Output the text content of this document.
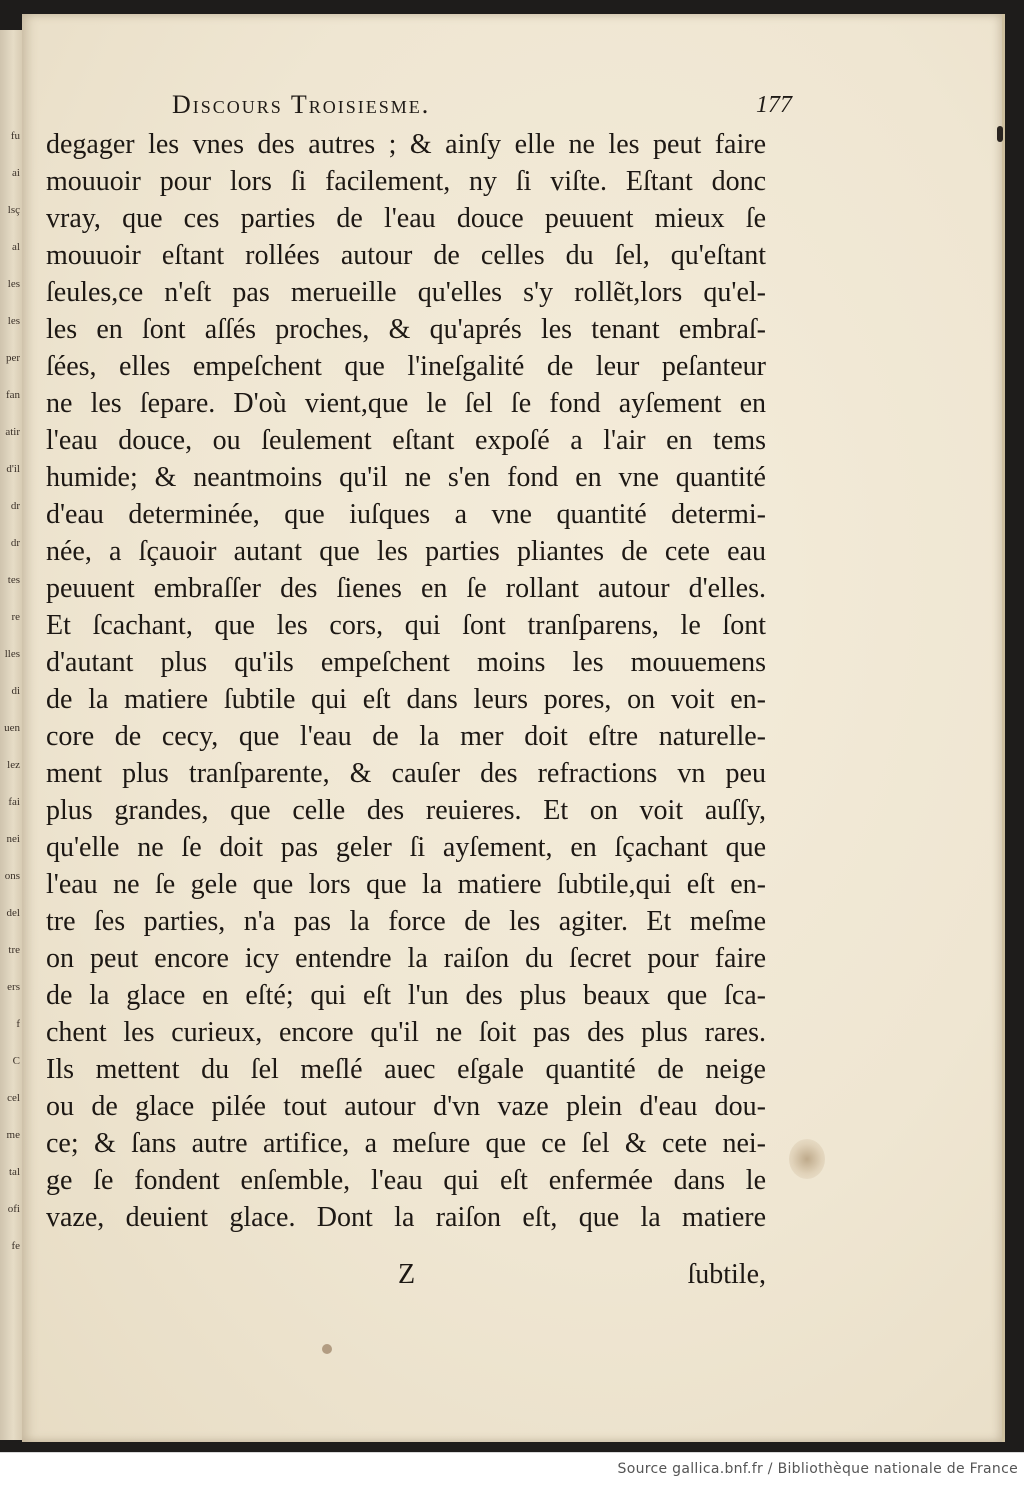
fu
ai
lsç
al
les
les
per
fan
atir
d'il
dr
dr
tes
re
lles
di
uen
lez
fai
nei
ons
del
tre
ers
f
C
cel
me
tal
ofi
fe
Discours Troisiesme.	177
degager les vnes des autres ; & ainſy elle ne les peut faire
mouuoir pour lors ſi facilement, ny ſi viſte. Eſtant donc
vray, que ces parties de l'eau douce peuuent mieux ſe
mouuoir eſtant rollées autour de celles du ſel, qu'eſtant
ſeules,ce n'eſt pas merueille qu'elles s'y rollẽt,lors qu'el-
les en ſont aſſés proches, & qu'aprés les tenant embraſ-
ſées, elles empeſchent que l'ineſgalité de leur peſanteur
ne les ſepare. D'où vient,que le ſel ſe fond ayſement en
l'eau douce, ou ſeulement eſtant expoſé a l'air en tems
humide; & neantmoins qu'il ne s'en fond en vne quantité
d'eau determinée, que iuſques a vne quantité determi-
née, a ſçauoir autant que les parties pliantes de cete eau
peuuent embraſſer des ſienes en ſe rollant autour d'elles.
Et ſcachant, que les cors, qui ſont tranſparens, le ſont
d'autant plus qu'ils empeſchent moins les mouuemens
de la matiere ſubtile qui eſt dans leurs pores, on voit en-
core de cecy, que l'eau de la mer doit eſtre naturelle-
ment plus tranſparente, & cauſer des refractions vn peu
plus grandes, que celle des reuieres. Et on voit auſſy,
qu'elle ne ſe doit pas geler ſi ayſement, en ſçachant que
l'eau ne ſe gele que lors que la matiere ſubtile,qui eſt en-
tre ſes parties, n'a pas la force de les agiter. Et meſme
on peut encore icy entendre la raiſon du ſecret pour faire
de la glace en eſté; qui eſt l'un des plus beaux que ſca-
chent les curieux, encore qu'il ne ſoit pas des plus rares.
Ils mettent du ſel meſlé auec eſgale quantité de neige
ou de glace pilée tout autour d'vn vaze plein d'eau dou-
ce; & ſans autre artifice, a meſure que ce ſel & cete nei-
ge ſe fondent enſemble, l'eau qui eſt enfermée dans le
vaze, deuient glace. Dont la raiſon eſt, que la matiere
Z	ſubtile,
Source gallica.bnf.fr / Bibliothèque nationale de France
